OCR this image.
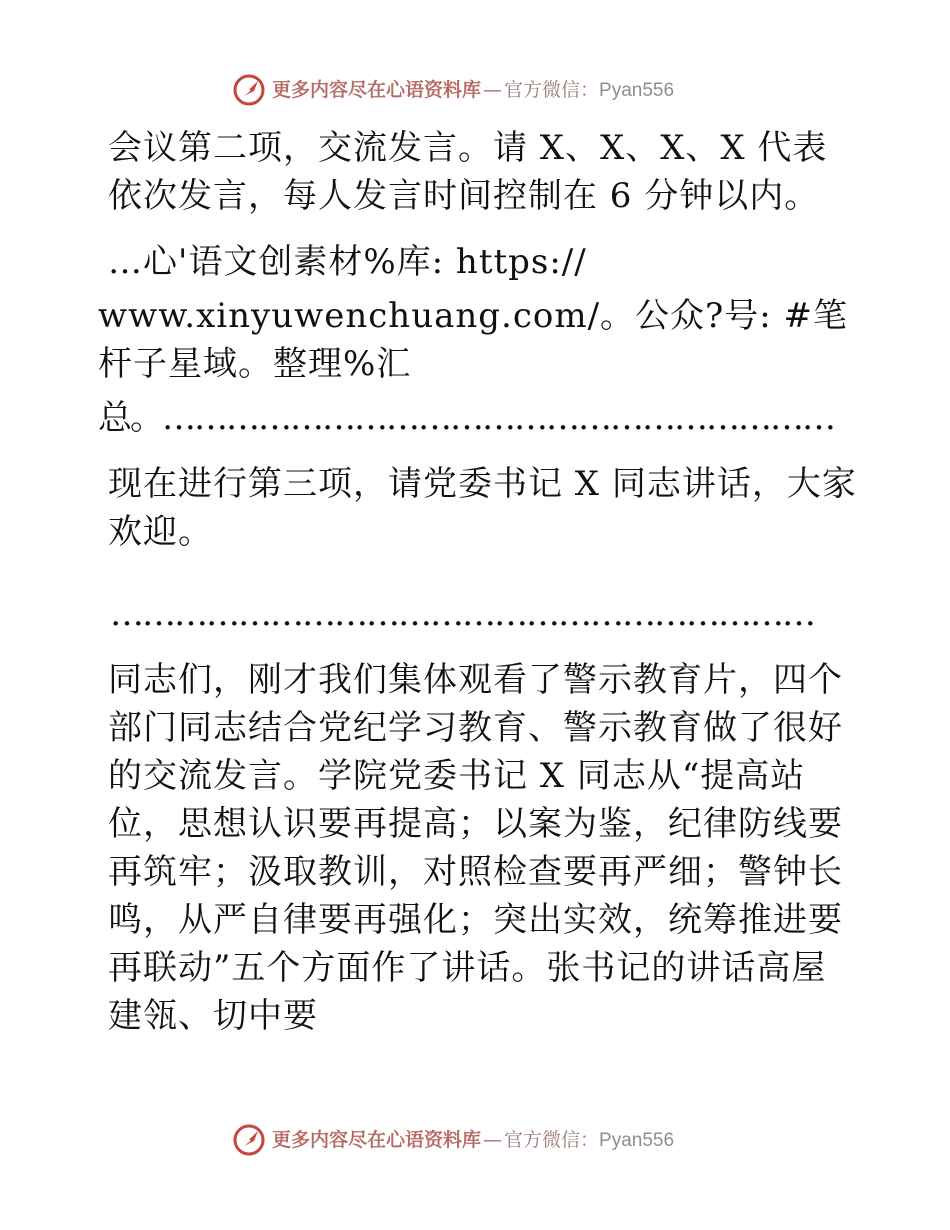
更多内容尽在心语资料库 — 官方微信： Pyan556

会议第二项，交流发言。请 X、X、X、X 代表依次发言，每人发言时间控制在 6 分钟以内。

…心'语文创素材%库: https://

www.xinyuwenchuang.com/。公众?号: #笔杆子星域。整理%汇

总。………………………………………………………

现在进行第三项，请党委书记 X 同志讲话，大家欢迎。

…………………………………………………………

同志们，刚才我们集体观看了警示教育片，四个部门同志结合党纪学习教育、警示教育做了很好的交流发言。学院党委书记 X 同志从“提高站位，思想认识要再提高；以案为鉴，纪律防线要再筑牢；汲取教训，对照检查要再严细；警钟长鸣，从严自律要再强化；突出实效，统筹推进要再联动”五个方面作了讲话。张书记的讲话高屋建瓴、切中要

更多内容尽在心语资料库 — 官方微信： Pyan556
